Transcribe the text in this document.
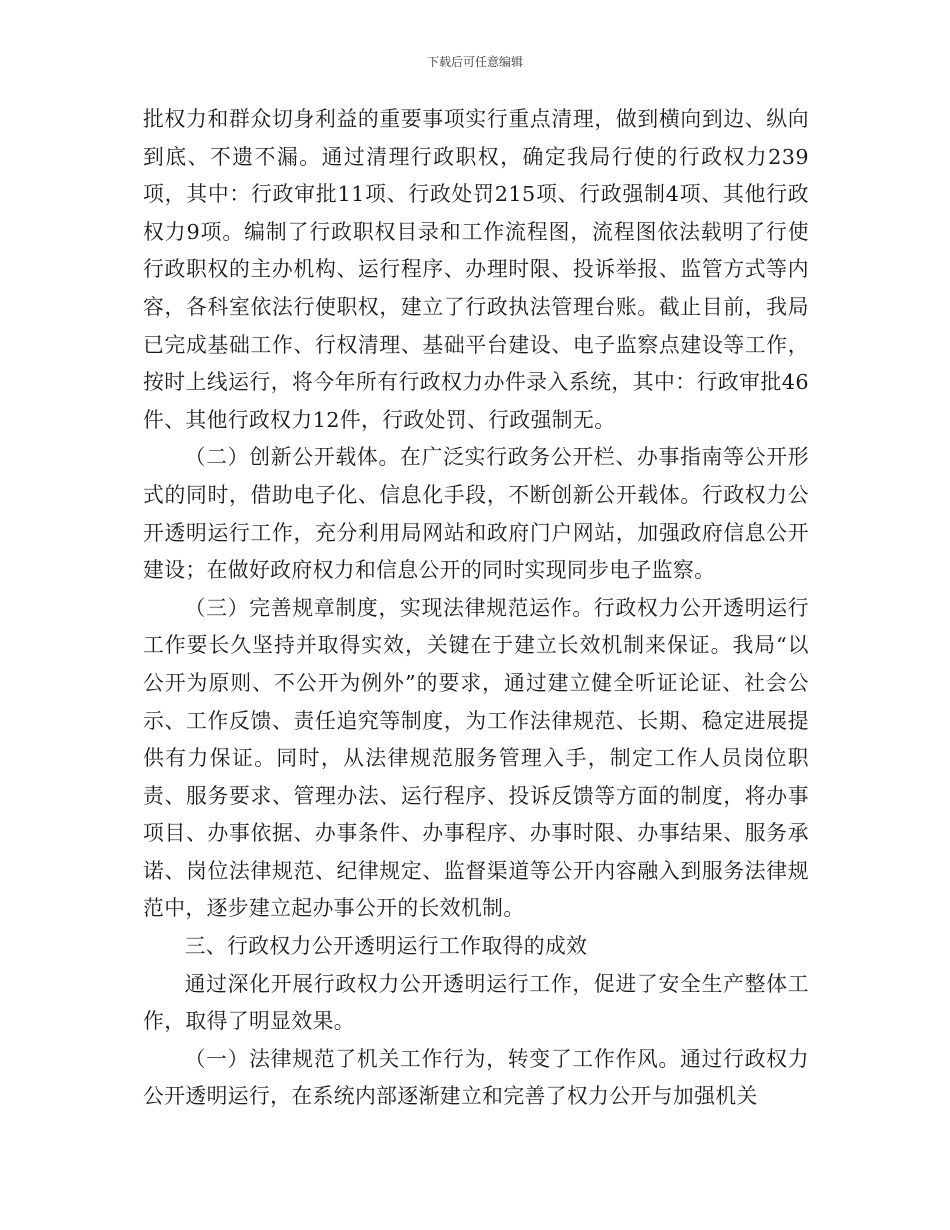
下载后可任意编辑

批权力和群众切身利益的重要事项实行重点清理，做到横向到边、纵向到底、不遗不漏。通过清理行政职权，确定我局行使的行政权力239项，其中：行政审批11项、行政处罚215项、行政强制4项、其他行政权力9项。编制了行政职权目录和工作流程图，流程图依法载明了行使行政职权的主办机构、运行程序、办理时限、投诉举报、监管方式等内容，各科室依法行使职权，建立了行政执法管理台账。截止目前，我局已完成基础工作、行权清理、基础平台建设、电子监察点建设等工作，按时上线运行，将今年所有行政权力办件录入系统，其中：行政审批46件、其他行政权力12件，行政处罚、行政强制无。

（二）创新公开载体。在广泛实行政务公开栏、办事指南等公开形式的同时，借助电子化、信息化手段，不断创新公开载体。行政权力公开透明运行工作，充分利用局网站和政府门户网站，加强政府信息公开建设；在做好政府权力和信息公开的同时实现同步电子监察。

（三）完善规章制度，实现法律规范运作。行政权力公开透明运行工作要长久坚持并取得实效，关键在于建立长效机制来保证。我局“以公开为原则、不公开为例外”的要求，通过建立健全听证论证、社会公示、工作反馈、责任追究等制度，为工作法律规范、长期、稳定进展提供有力保证。同时，从法律规范服务管理入手，制定工作人员岗位职责、服务要求、管理办法、运行程序、投诉反馈等方面的制度，将办事项目、办事依据、办事条件、办事程序、办事时限、办事结果、服务承诺、岗位法律规范、纪律规定、监督渠道等公开内容融入到服务法律规范中，逐步建立起办事公开的长效机制。

三、行政权力公开透明运行工作取得的成效

通过深化开展行政权力公开透明运行工作，促进了安全生产整体工作，取得了明显效果。

（一）法律规范了机关工作行为，转变了工作作风。通过行政权力公开透明运行，在系统内部逐渐建立和完善了权力公开与加强机关
